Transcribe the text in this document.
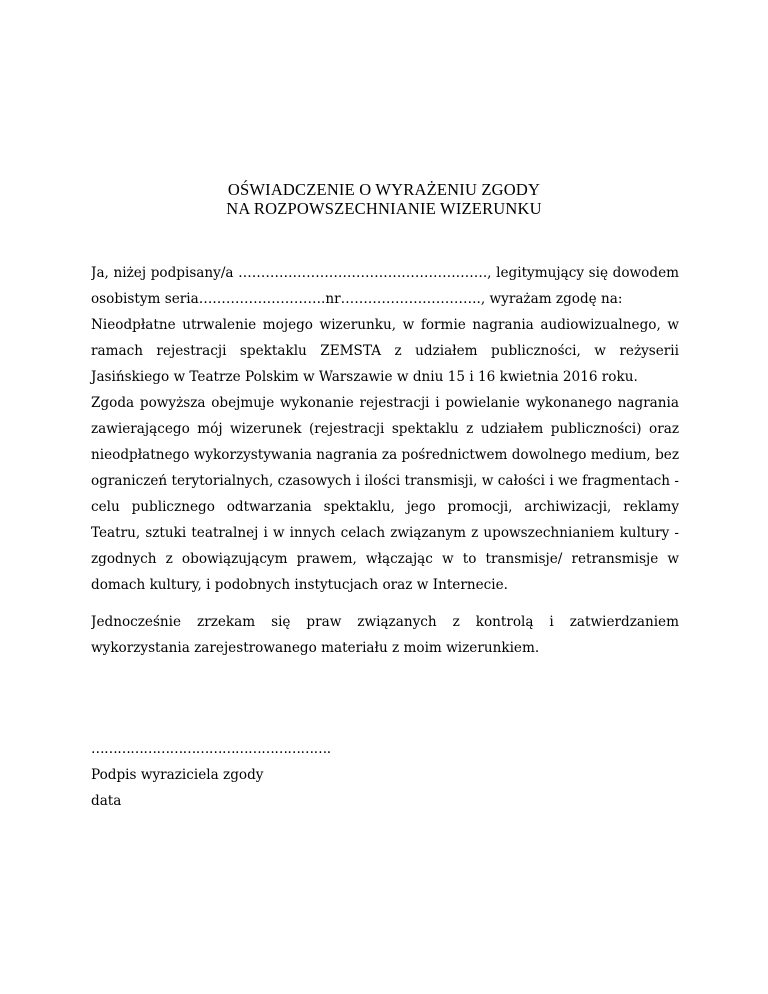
OŚWIADCZENIE O WYRAŻENIU ZGODY
NA ROZPOWSZECHNIANIE WIZERUNKU
Ja, niżej podpisany/a ………………………………………………., legitymujący się dowodem
osobistym seria……………………….nr…………………………., wyrażam zgodę na:
Nieodpłatne utrwalenie mojego wizerunku, w formie nagrania audiowizualnego, w
ramach rejestracji spektaklu ZEMSTA z udziałem publiczności, w reżyserii
Jasińskiego w Teatrze Polskim w Warszawie w dniu 15 i 16 kwietnia 2016 roku.
Zgoda powyższa obejmuje wykonanie rejestracji i powielanie wykonanego nagrania
zawierającego mój wizerunek (rejestracji spektaklu z udziałem publiczności) oraz
nieodpłatnego wykorzystywania nagrania za pośrednictwem dowolnego medium, bez
ograniczeń terytorialnych, czasowych i ilości transmisji, w całości i we fragmentach -
celu publicznego odtwarzania spektaklu, jego promocji, archiwizacji, reklamy
Teatru, sztuki teatralnej i w innych celach związanym z upowszechnianiem kultury -
zgodnych z obowiązującym prawem, włączając w to transmisje/ retransmisje w
domach kultury, i podobnych instytucjach oraz w Internecie.
Jednocześnie zrzekam się praw związanych z kontrolą i zatwierdzaniem
wykorzystania zarejestrowanego materiału z moim wizerunkiem.
……………………………………………….
Podpis wyraziciela zgody
data
